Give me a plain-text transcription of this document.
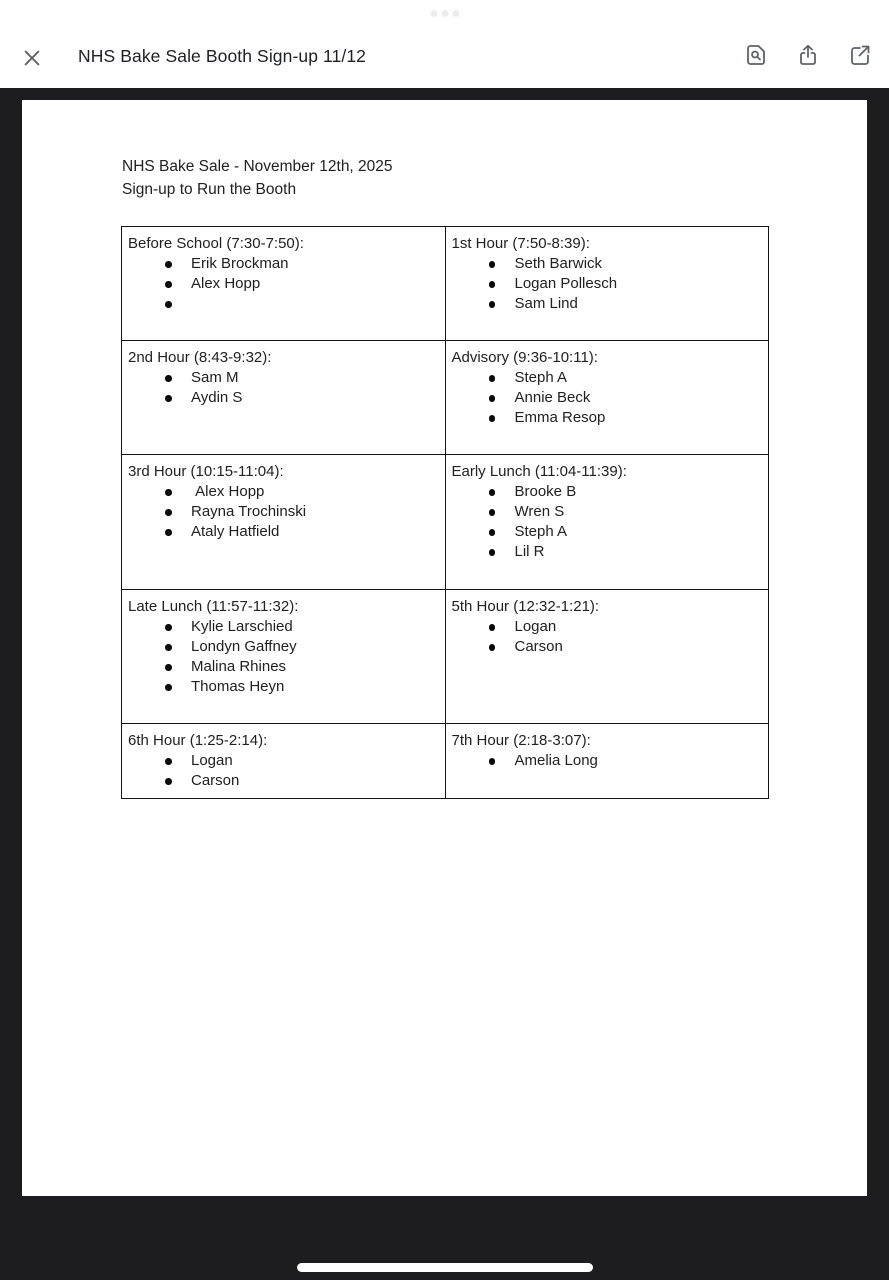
NHS Bake Sale Booth Sign-up 11/12
NHS Bake Sale - November 12th, 2025
Sign-up to Run the Booth
Before School (7:30-7:50):
Erik Brockman
Alex Hopp

1st Hour (7:50-8:39):
Seth Barwick
Logan Pollesch
Sam Lind

2nd Hour (8:43-9:32):
Sam M
Aydin S

Advisory (9:36-10:11):
Steph A
Annie Beck
Emma Resop

3rd Hour (10:15-11:04):
Alex Hopp
Rayna Trochinski
Ataly Hatfield

Early Lunch (11:04-11:39):
Brooke B
Wren S
Steph A
Lil R

Late Lunch (11:57-11:32):
Kylie Larschied
Londyn Gaffney
Malina Rhines
Thomas Heyn

5th Hour (12:32-1:21):
Logan
Carson

6th Hour (1:25-2:14):
Logan
Carson

7th Hour (2:18-3:07):
Amelia Long
